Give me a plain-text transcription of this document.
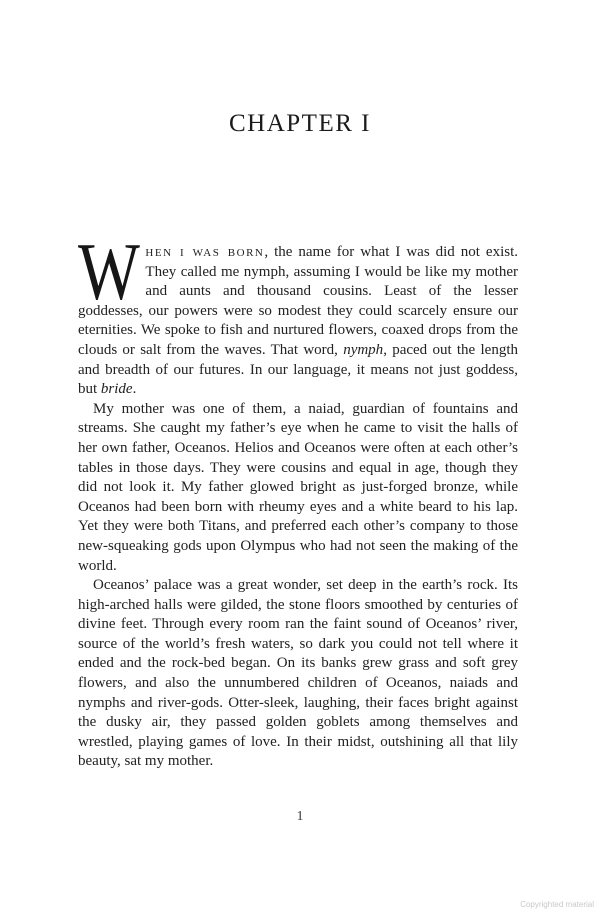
CHAPTER I

When i was born, the name for what I was did not exist. They called me nymph, assuming I would be like my mother and aunts and thousand cousins. Least of the lesser goddesses, our powers were so modest they could scarcely ensure our eternities. We spoke to fish and nurtured flowers, coaxed drops from the clouds or salt from the waves. That word, nymph, paced out the length and breadth of our futures. In our language, it means not just goddess, but bride.

My mother was one of them, a naiad, guardian of fountains and streams. She caught my father’s eye when he came to visit the halls of her own father, Oceanos. Helios and Oceanos were often at each other’s tables in those days. They were cousins and equal in age, though they did not look it. My father glowed bright as just-forged bronze, while Oceanos had been born with rheumy eyes and a white beard to his lap. Yet they were both Titans, and preferred each other’s company to those new-squeaking gods upon Olympus who had not seen the making of the world.

Oceanos’ palace was a great wonder, set deep in the earth’s rock. Its high-arched halls were gilded, the stone floors smoothed by centuries of divine feet. Through every room ran the faint sound of Oceanos’ river, source of the world’s fresh waters, so dark you could not tell where it ended and the rock-bed began. On its banks grew grass and soft grey flowers, and also the unnumbered children of Oceanos, naiads and nymphs and river-gods. Otter-sleek, laughing, their faces bright against the dusky air, they passed golden goblets among themselves and wrestled, playing games of love. In their midst, outshining all that lily beauty, sat my mother.

1
Copyrighted material
